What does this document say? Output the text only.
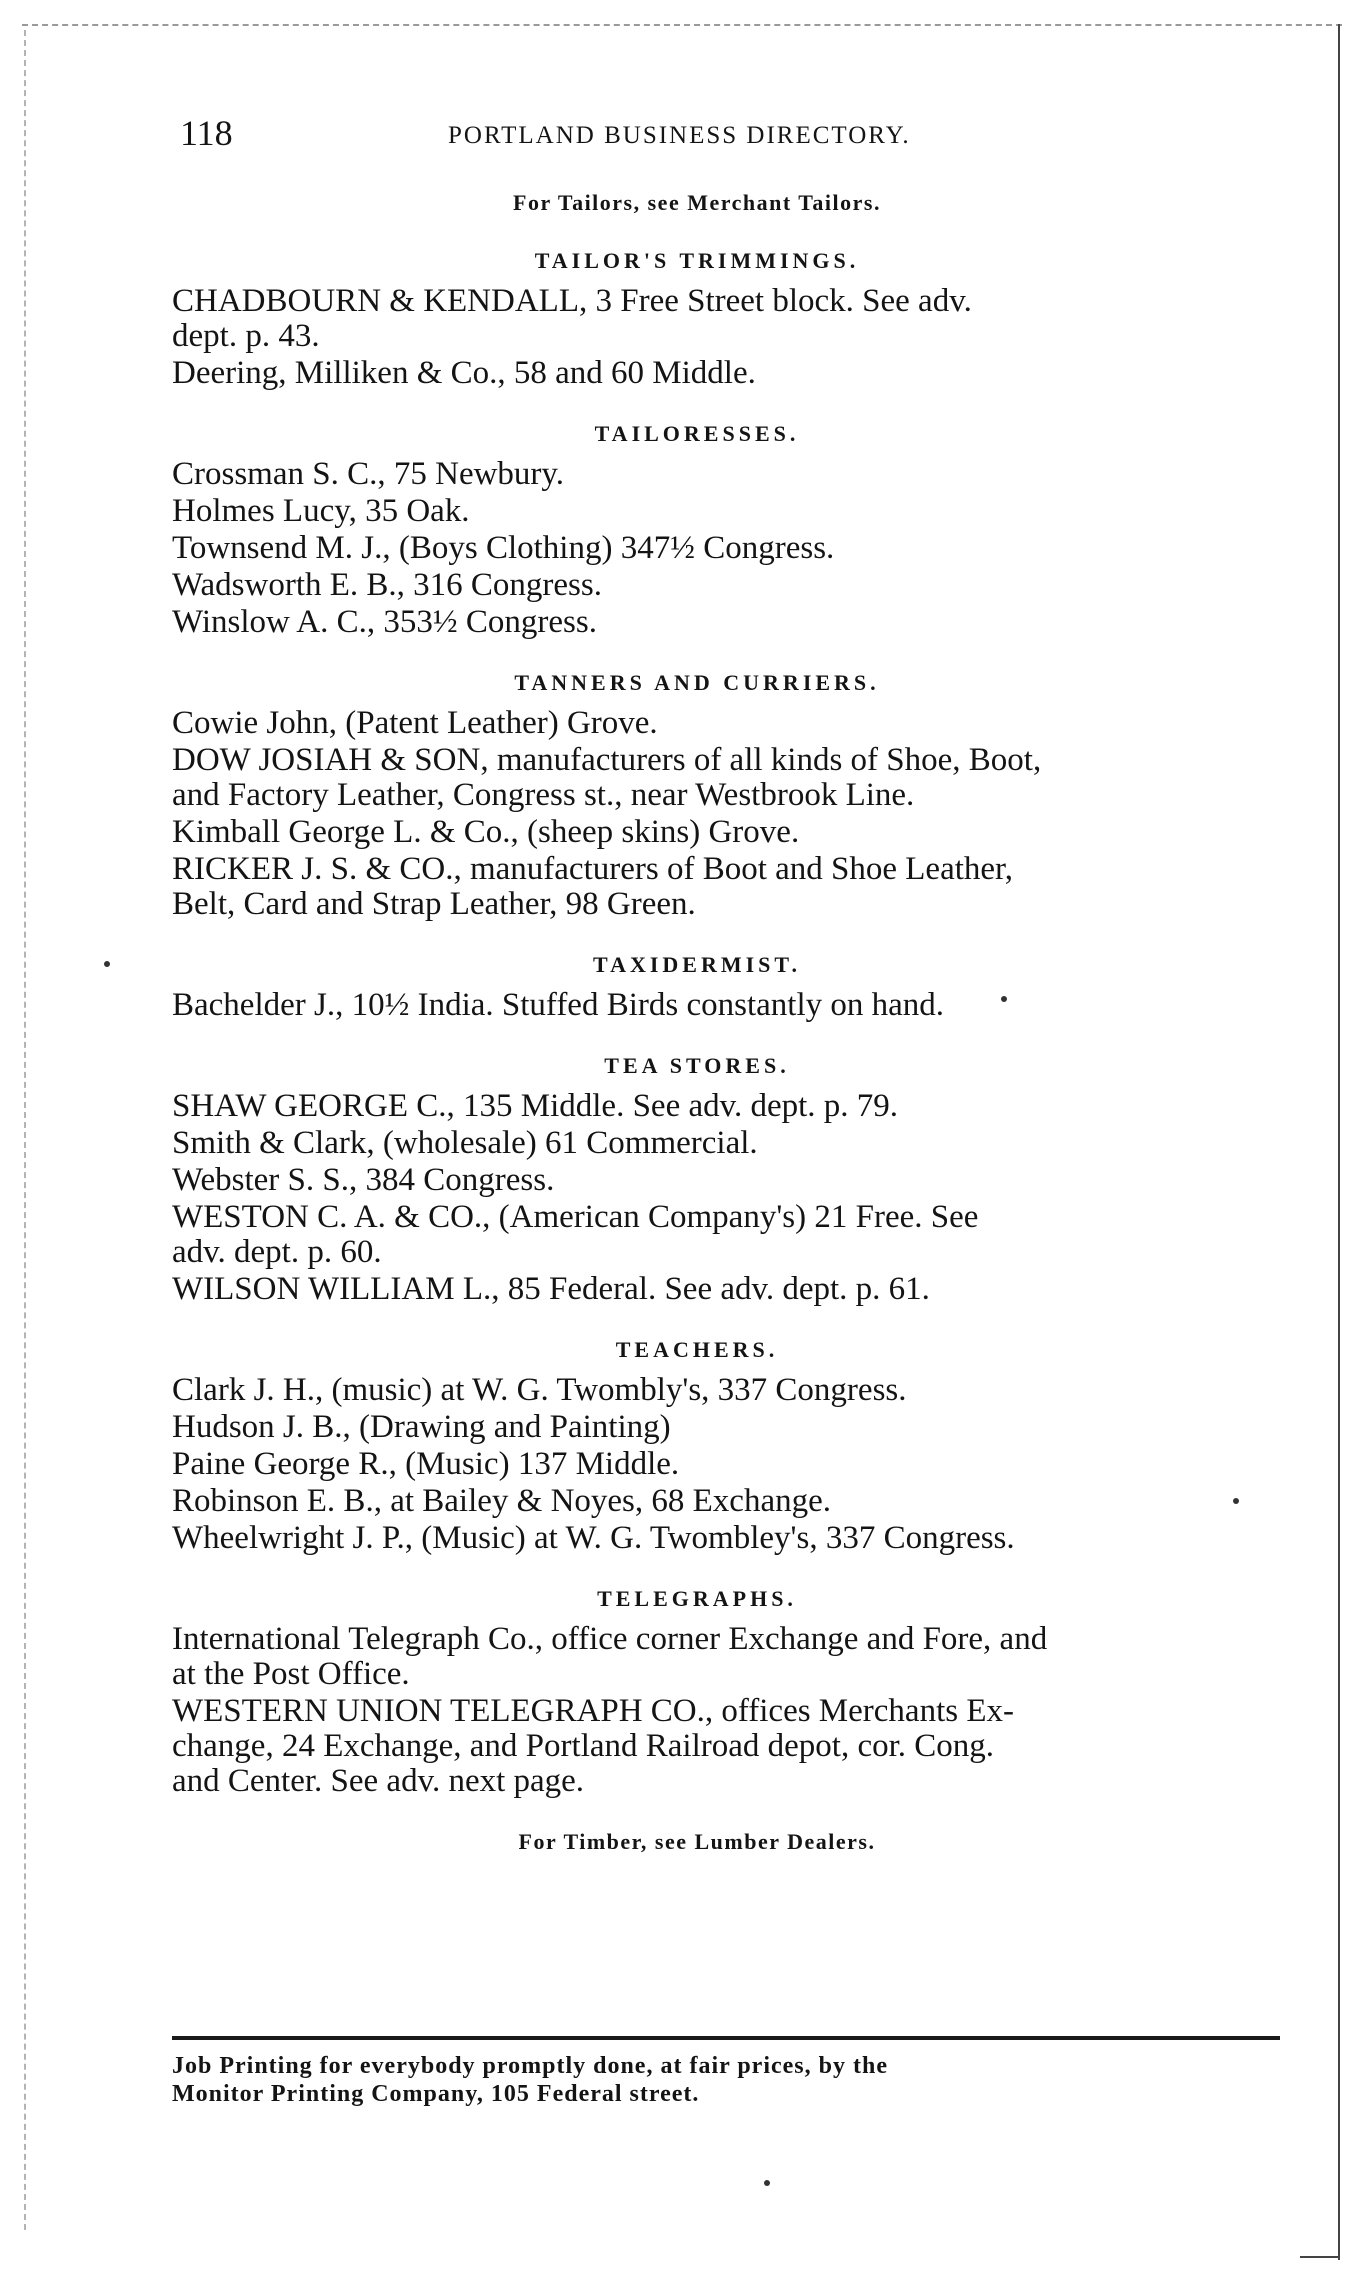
118	PORTLAND BUSINESS DIRECTORY.
For Tailors, see Merchant Tailors.
TAILOR'S TRIMMINGS.
CHADBOURN & KENDALL, 3 Free Street block. See adv.
dept. p. 43.
Deering, Milliken & Co., 58 and 60 Middle.
TAILORESSES.
Crossman S. C., 75 Newbury.
Holmes Lucy, 35 Oak.
Townsend M. J., (Boys Clothing) 347½ Congress.
Wadsworth E. B., 316 Congress.
Winslow A. C., 353½ Congress.
TANNERS AND CURRIERS.
Cowie John, (Patent Leather) Grove.
DOW JOSIAH & SON, manufacturers of all kinds of Shoe, Boot,
and Factory Leather, Congress st., near Westbrook Line.
Kimball George L. & Co., (sheep skins) Grove.
RICKER J. S. & CO., manufacturers of Boot and Shoe Leather,
Belt, Card and Strap Leather, 98 Green.
TAXIDERMIST.
Bachelder J., 10½ India. Stuffed Birds constantly on hand.
TEA STORES.
SHAW GEORGE C., 135 Middle. See adv. dept. p. 79.
Smith & Clark, (wholesale) 61 Commercial.
Webster S. S., 384 Congress.
WESTON C. A. & CO., (American Company's) 21 Free. See
adv. dept. p. 60.
WILSON WILLIAM L., 85 Federal. See adv. dept. p. 61.
TEACHERS.
Clark J. H., (music) at W. G. Twombly's, 337 Congress.
Hudson J. B., (Drawing and Painting)
Paine George R., (Music) 137 Middle.
Robinson E. B., at Bailey & Noyes, 68 Exchange.
Wheelwright J. P., (Music) at W. G. Twombley's, 337 Congress.
TELEGRAPHS.
International Telegraph Co., office corner Exchange and Fore, and
at the Post Office.
WESTERN UNION TELEGRAPH CO., offices Merchants Ex-
change, 24 Exchange, and Portland Railroad depot, cor. Cong.
and Center. See adv. next page.
For Timber, see Lumber Dealers.
Job Printing for everybody promptly done, at fair prices, by the
Monitor Printing Company, 105 Federal street.
